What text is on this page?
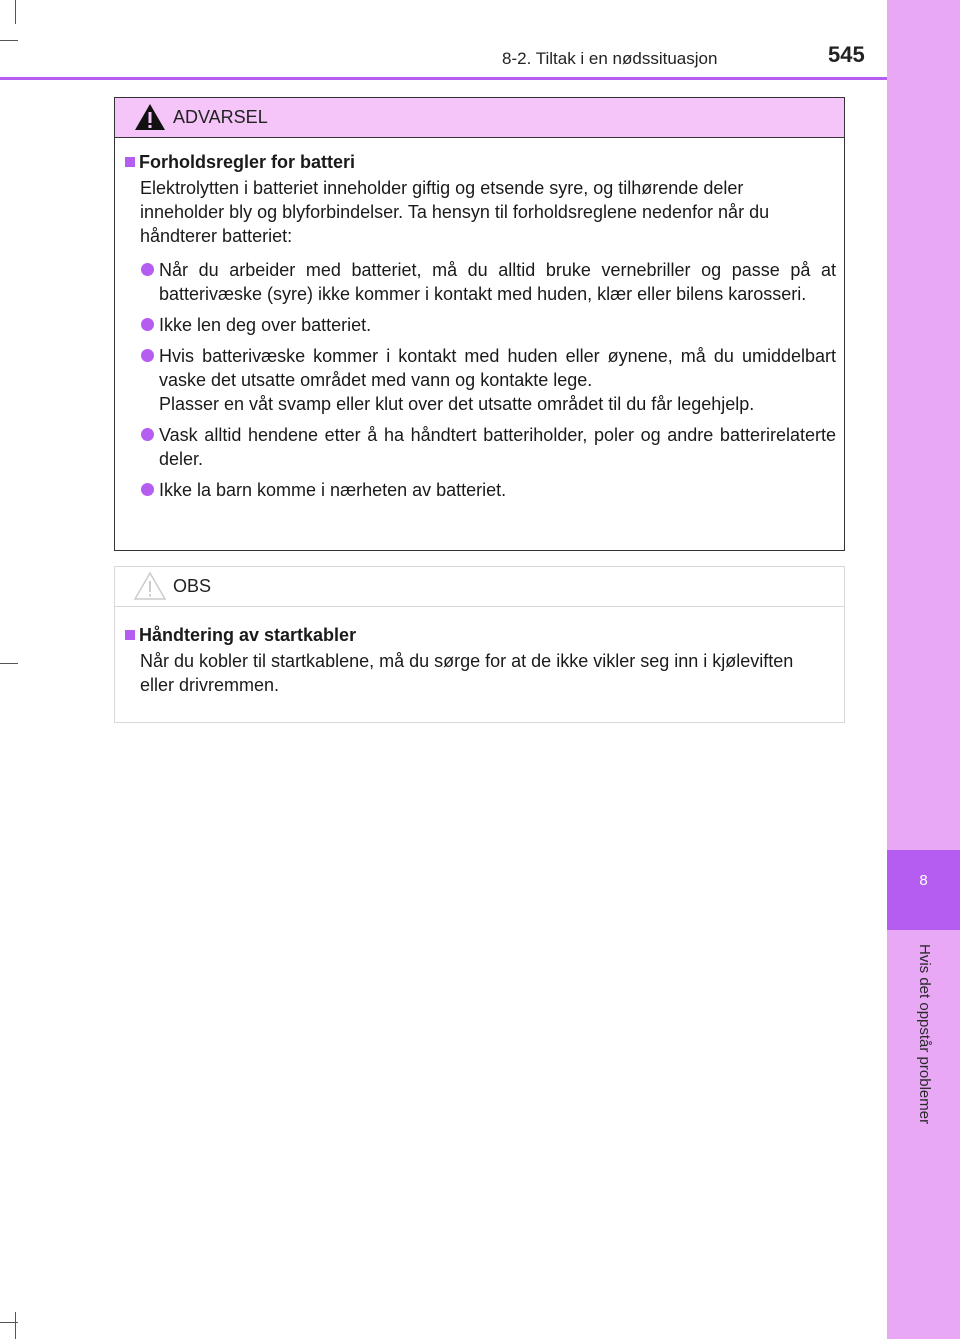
8
Hvis det oppstår problemer
8-2. Tiltak i en nødssituasjon	545
ADVARSEL
Forholdsregler for batteri
Elektrolytten i batteriet inneholder giftig og etsende syre, og tilhørende deler inneholder bly og blyforbindelser. Ta hensyn til forholdsreglene nedenfor når du håndterer batteriet:
Når du arbeider med batteriet, må du alltid bruke vernebriller og passe på at batterivæske (syre) ikke kommer i kontakt med huden, klær eller bilens karosseri.
Ikke len deg over batteriet.
Hvis batterivæske kommer i kontakt med huden eller øynene, må du umiddelbart vaske det utsatte området med vann og kontakte lege.
Plasser en våt svamp eller klut over det utsatte området til du får legehjelp.
Vask alltid hendene etter å ha håndtert batteriholder, poler og andre batterirelaterte deler.
Ikke la barn komme i nærheten av batteriet.
OBS
Håndtering av startkabler
Når du kobler til startkablene, må du sørge for at de ikke vikler seg inn i kjøleviften eller drivremmen.
